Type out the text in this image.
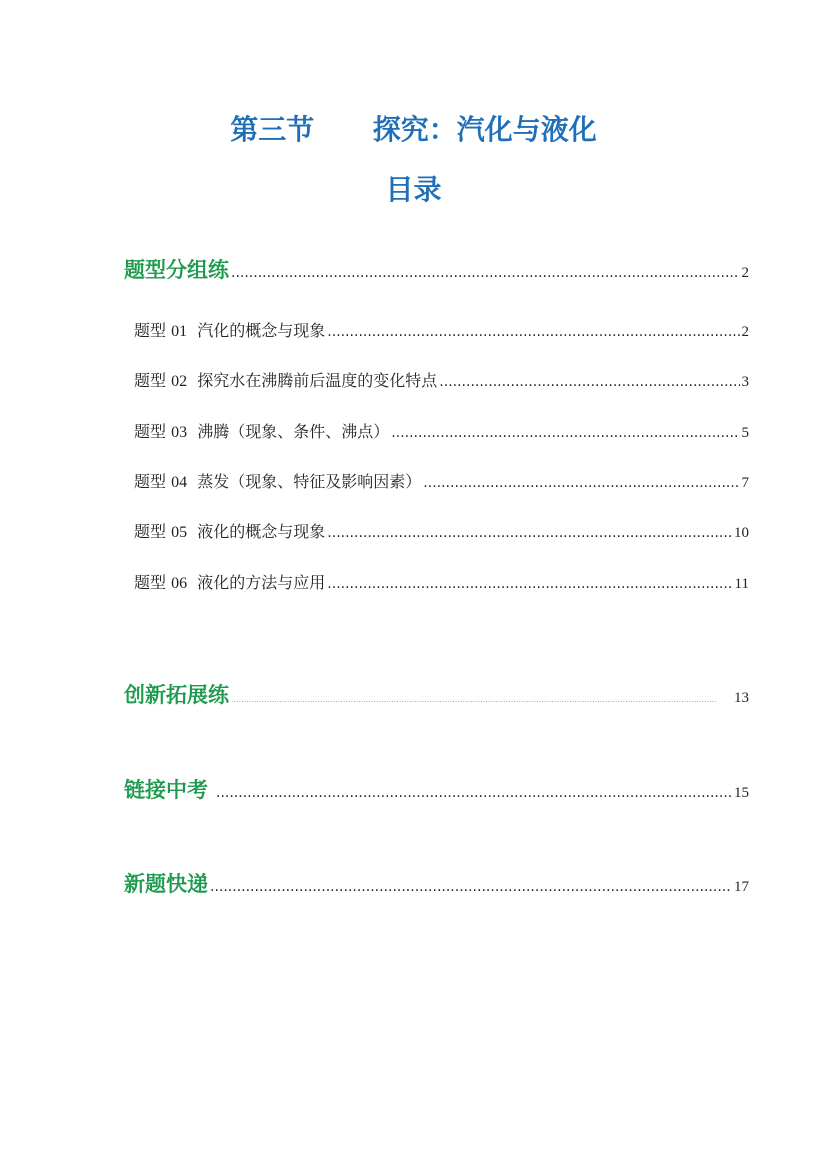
第三节      探究：汽化与液化
目录
题型分组练 .....	2
题型 01 汽化的概念与现象 .....	2
题型 02 探究水在沸腾前后温度的变化特点 .....	3
题型 03 沸腾（现象、条件、沸点） .....	5
题型 04 蒸发（现象、特征及影响因素） .....	7
题型 05 液化的概念与现象 .....	10
题型 06 液化的方法与应用 .....	11
创新拓展练 .....	13
链接中考 .....	15
新题快递 .....	17
